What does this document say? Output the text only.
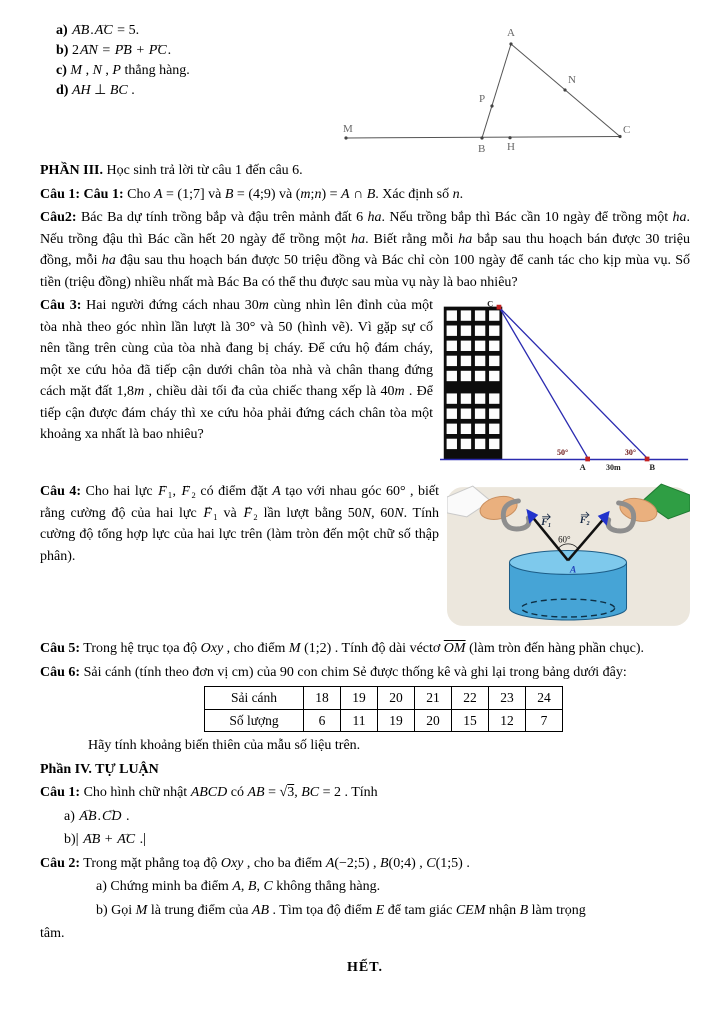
a) AB →.AC → = 5.
b) 2AN → = PB → + PC →.
c) M , N , P thẳng hàng.
d) AH ⊥ BC .
M
A
P
N
B H
C

PHẦN III. Học sinh trả lời từ câu 1 đến câu 6.

Câu 1: Câu 1: Cho A = (1;7] và B = (4;9) và (m;n) = A ∩ B. Xác định số n.

Câu2: Bác Ba dự tính trồng bắp và đậu trên mảnh đất 6 ha. Nếu trồng bắp thì Bác cần 10 ngày để trồng một ha. Nếu trồng đậu thì Bác cần hết 20 ngày để trồng một ha. Biết rằng mỗi ha bắp sau thu hoạch bán được 30 triệu đồng, mỗi ha đậu sau thu hoạch bán được 50 triệu đồng và Bác chỉ còn 100 ngày để canh tác cho kịp mùa vụ. Số tiền (triệu đồng) nhiều nhất mà Bác Ba có thể thu được sau mùa vụ này là bao nhiêu?

C
50°	30°
A	B
30m

Câu 3: Hai người đứng cách nhau 30m cùng nhìn lên đỉnh của một tòa nhà theo góc nhìn lần lượt là 30° và 50 (hình vẽ). Vì gặp sự cố nên tầng trên cùng của tòa nhà đang bị cháy. Để cứu hộ đám cháy, một xe cứu hỏa đã tiếp cận dưới chân tòa nhà và chân thang đứng cách mặt đất 1,8m , chiều dài tối đa của chiếc thang xếp là 40m . Để tiếp cận được đám cháy thì xe cứu hỏa phải đứng cách chân tòa một khoảng xa nhất là bao nhiêu?

F₁	F₂
60°
A

Câu 4: Cho hai lực F →₁, F →₂ có điểm đặt A tạo với nhau góc 60° , biết rằng cường độ của hai lực F →₁ và F →₂ lần lượt bằng 50N, 60N. Tính cường độ tổng hợp lực của hai lực trên (làm tròn đến một chữ số thập phân).

Câu 5: Trong hệ trục tọa độ Oxy , cho điểm M (1;2) . Tính độ dài véctơ $\overline{OM}$ (làm tròn đến hàng phần chục).

Câu 6: Sải cánh (tính theo đơn vị cm) của 90 con chim Sẻ được thống kê và ghi lại trong bảng dưới đây:

Sải cánh	18	19	20	21	22	23	24
Số lượng	6	11	19	20	15	12	7

Hãy tính khoảng biến thiên của mẫu số liệu trên.

Phần IV. TỰ LUẬN

Câu 1: Cho hình chữ nhật ABCD có AB = √3, BC = 2 . Tính

a) AB →.CD → .

b)| AB → + AC → .|

Câu 2: Trong mặt phẳng toạ độ Oxy , cho ba điểm A(−2;5) , B(0;4) , C(1;5) .

a) Chứng minh ba điểm A, B, C không thẳng hàng.

b) Gọi M là trung điểm của AB . Tìm tọa độ điểm E để tam giác CEM nhận B làm trọng

tâm.

HẾT.
